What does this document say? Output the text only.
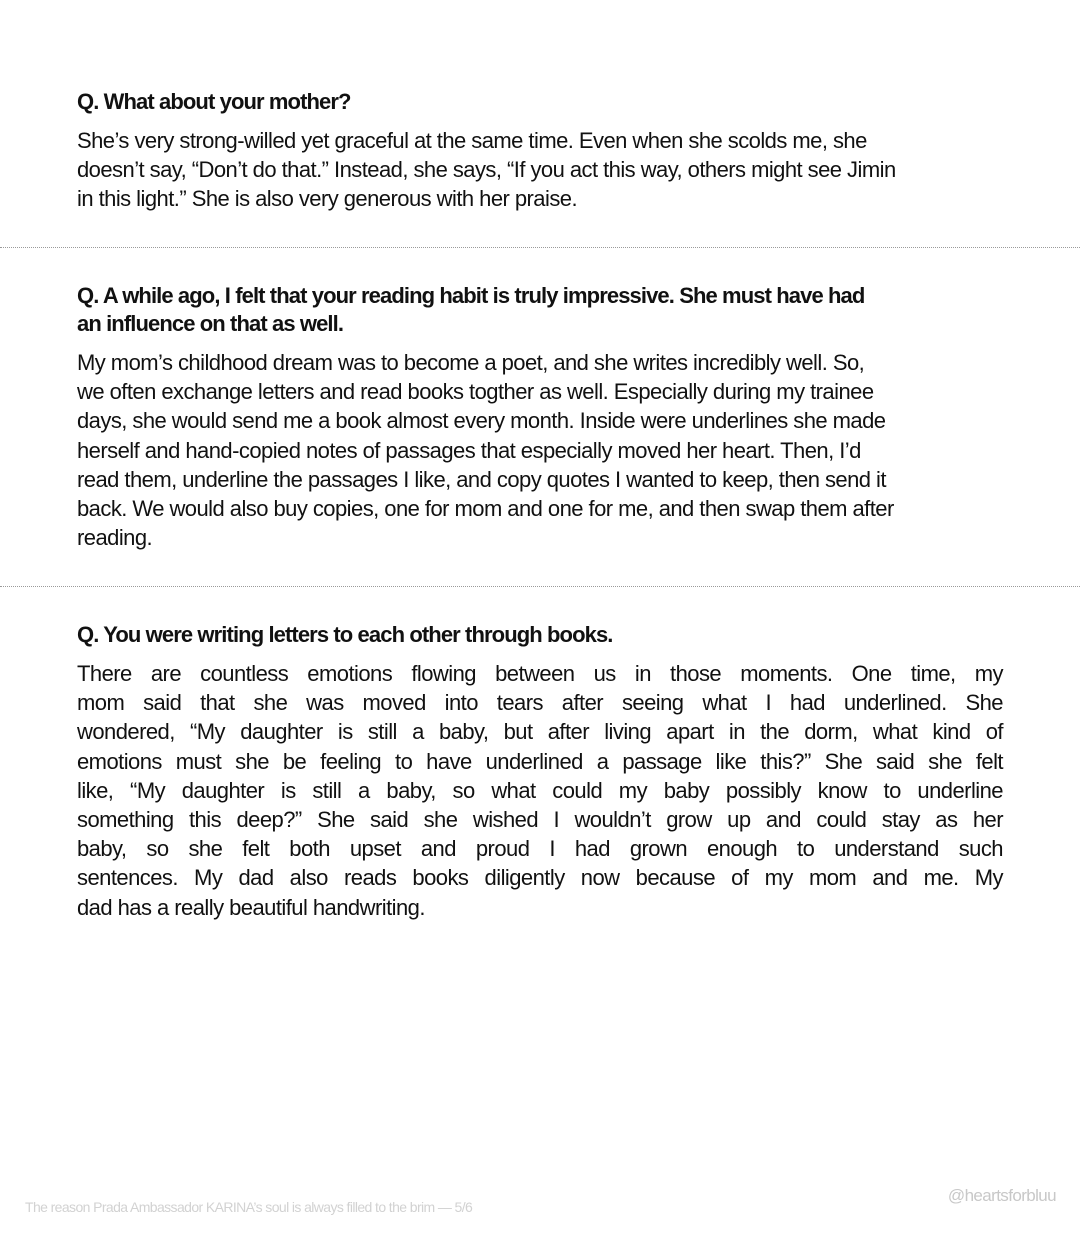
Q. What about your mother?
She’s very strong-willed yet graceful at the same time. Even when she scolds me, she
doesn’t say, “Don’t do that.” Instead, she says, “If you act this way, others might see Jimin
in this light.” She is also very generous with her praise.
Q. A while ago, I felt that your reading habit is truly impressive. She must have had
an influence on that as well.
My mom’s childhood dream was to become a poet, and she writes incredibly well. So,
we often exchange letters and read books togther as well. Especially during my trainee
days, she would send me a book almost every month. Inside were underlines she made
herself and hand-copied notes of passages that especially moved her heart. Then, I’d
read them, underline the passages I like, and copy quotes I wanted to keep, then send it
back. We would also buy copies, one for mom and one for me, and then swap them after
reading.
Q. You were writing letters to each other through books.
There are countless emotions flowing between us in those moments. One time, my
mom said that she was moved into tears after seeing what I had underlined. She
wondered, “My daughter is still a baby, but after living apart in the dorm, what kind of
emotions must she be feeling to have underlined a passage like this?” She said she felt
like, “My daughter is still a baby, so what could my baby possibly know to underline
something this deep?” She said she wished I wouldn’t grow up and could stay as her
baby, so she felt both upset and proud I had grown enough to understand such
sentences. My dad also reads books diligently now because of my mom and me. My
dad has a really beautiful handwriting.
The reason Prada Ambassador KARINA’s soul is always filled to the brim — 5/6
@heartsforbluu
